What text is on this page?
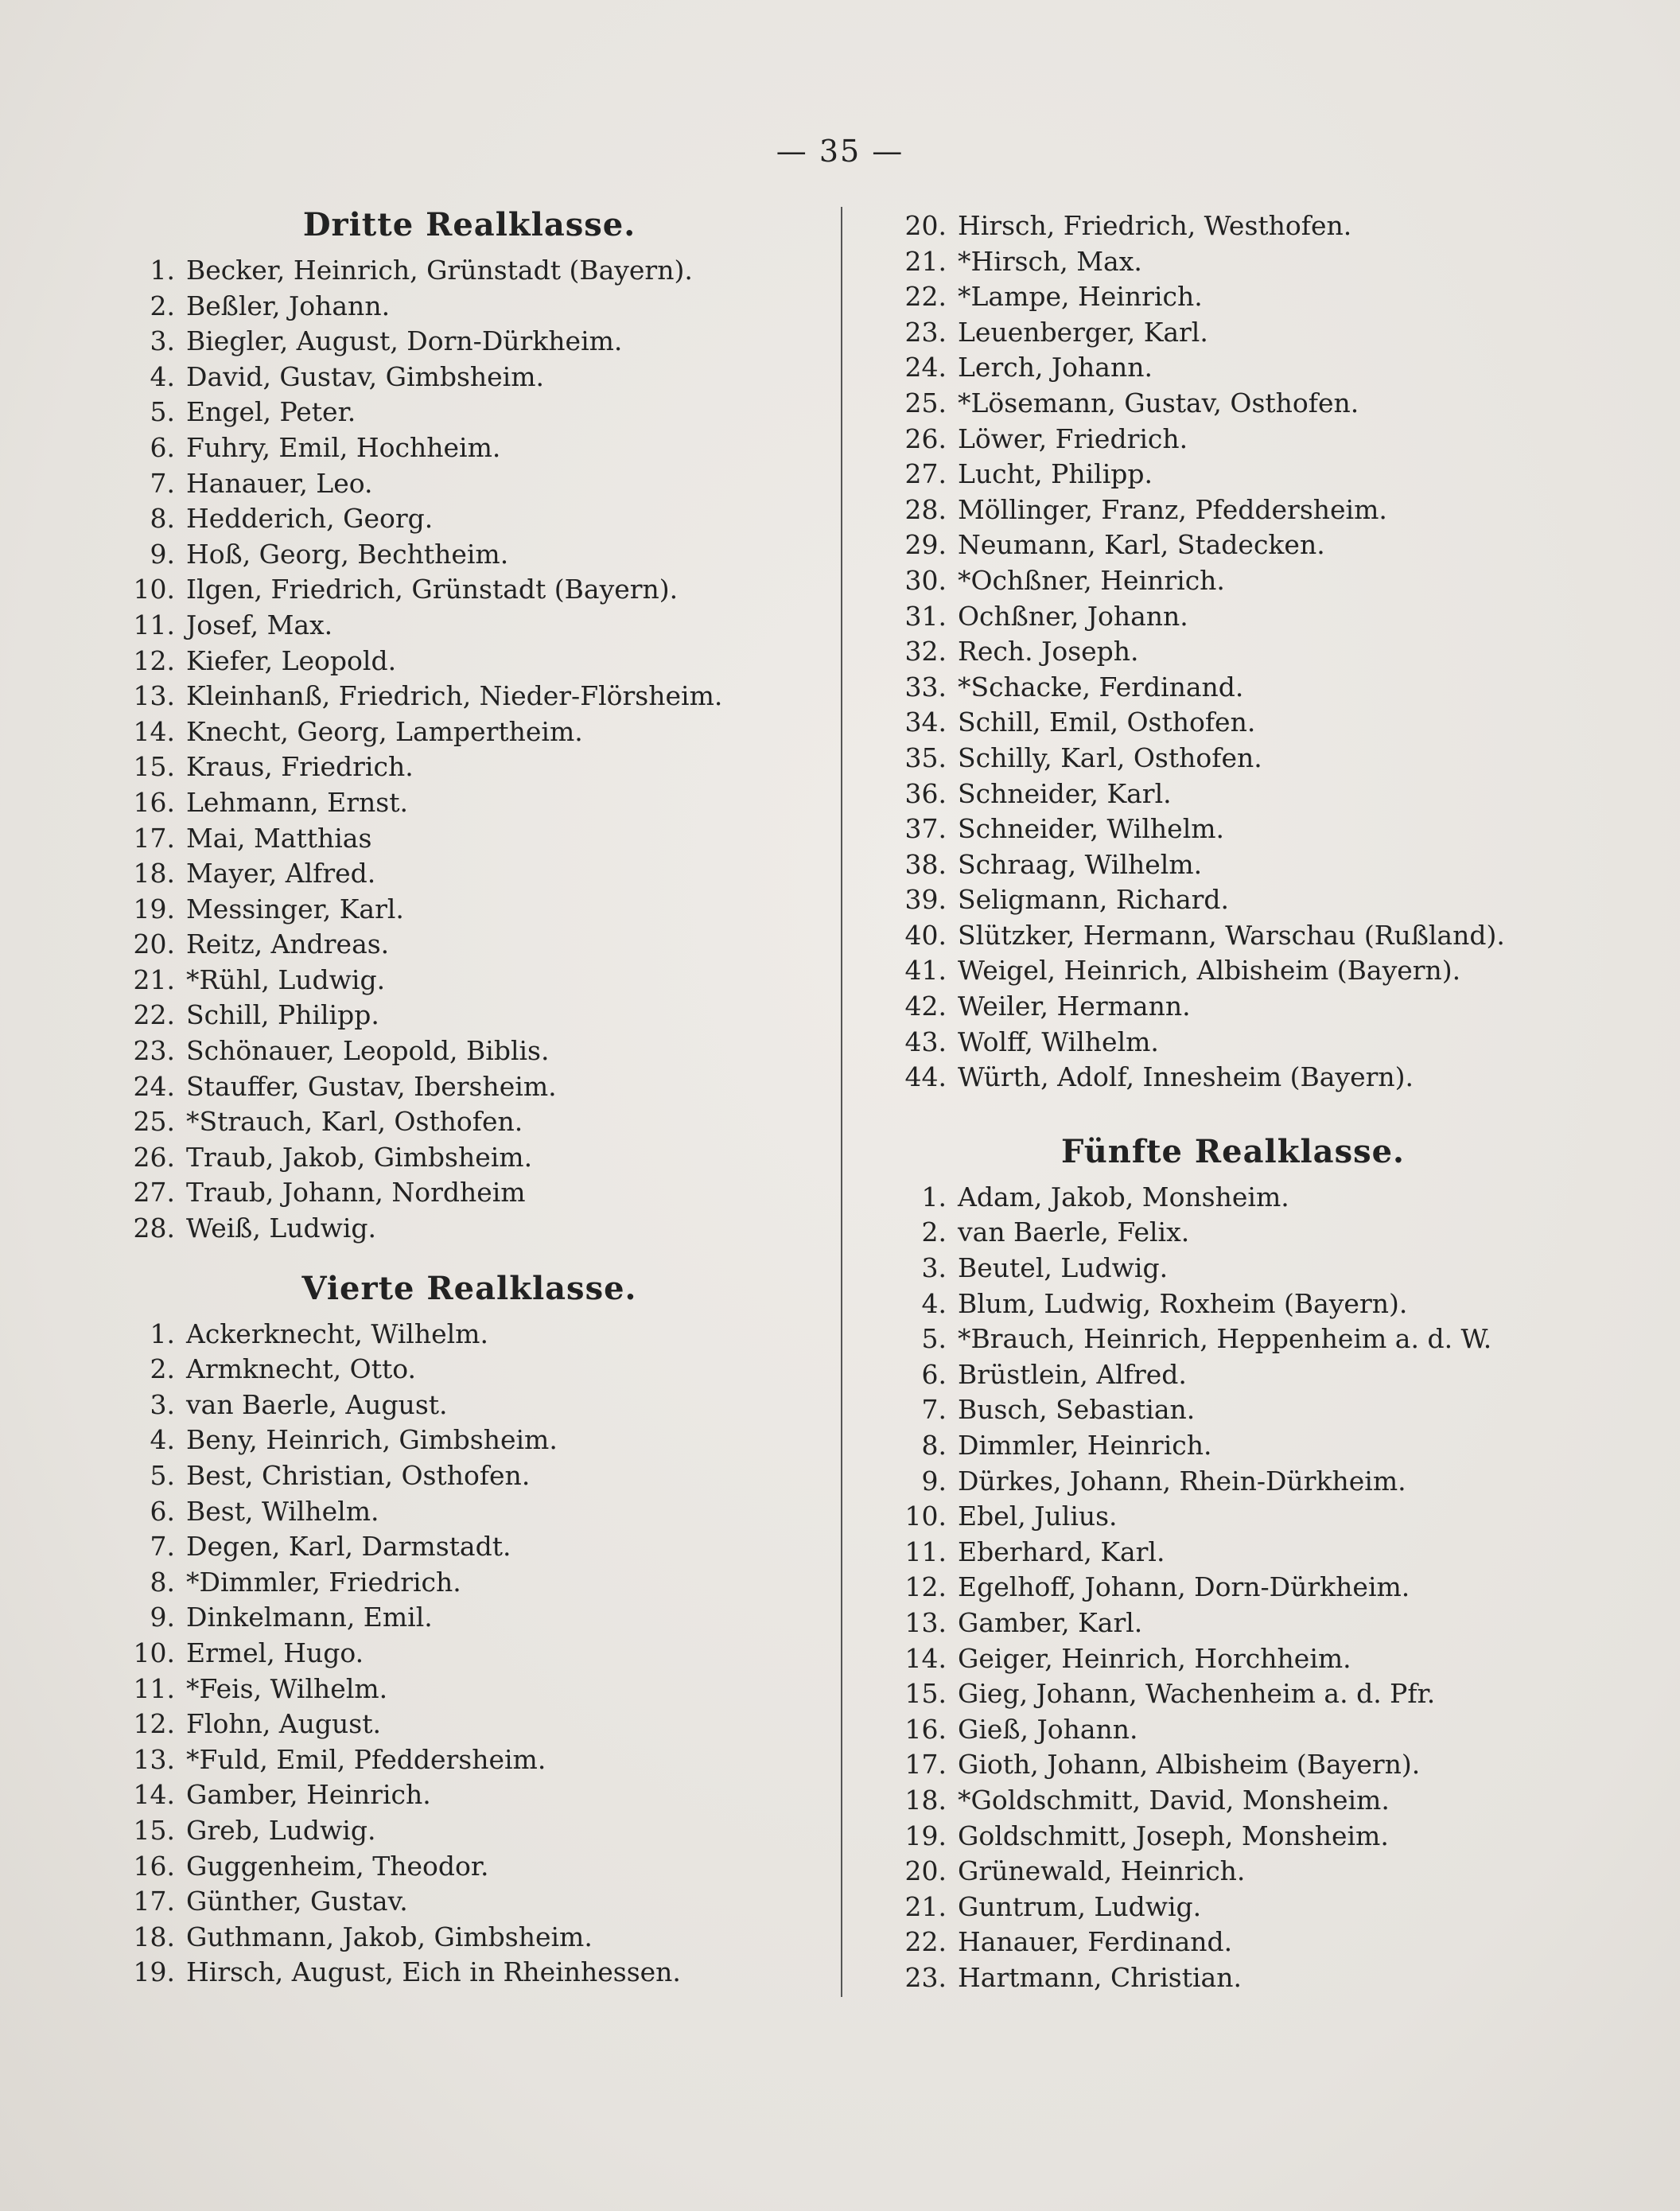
— 35 —
Dritte Realklasse.
1. Becker, Heinrich, Grünstadt (Bayern).
2. Beßler, Johann.
3. Biegler, August, Dorn-Dürkheim.
4. David, Gustav, Gimbsheim.
5. Engel, Peter.
6. Fuhry, Emil, Hochheim.
7. Hanauer, Leo.
8. Hedderich, Georg.
9. Hoß, Georg, Bechtheim.
10. Ilgen, Friedrich, Grünstadt (Bayern).
11. Josef, Max.
12. Kiefer, Leopold.
13. Kleinhanß, Friedrich, Nieder-Flörsheim.
14. Knecht, Georg, Lampertheim.
15. Kraus, Friedrich.
16. Lehmann, Ernst.
17. Mai, Matthias
18. Mayer, Alfred.
19. Messinger, Karl.
20. Reitz, Andreas.
21. *Rühl, Ludwig.
22. Schill, Philipp.
23. Schönauer, Leopold, Biblis.
24. Stauffer, Gustav, Ibersheim.
25. *Strauch, Karl, Osthofen.
26. Traub, Jakob, Gimbsheim.
27. Traub, Johann, Nordheim
28. Weiß, Ludwig.
Vierte Realklasse.
1. Ackerknecht, Wilhelm.
2. Armknecht, Otto.
3. van Baerle, August.
4. Beny, Heinrich, Gimbsheim.
5. Best, Christian, Osthofen.
6. Best, Wilhelm.
7. Degen, Karl, Darmstadt.
8. *Dimmler, Friedrich.
9. Dinkelmann, Emil.
10. Ermel, Hugo.
11. *Feis, Wilhelm.
12. Flohn, August.
13. *Fuld, Emil, Pfeddersheim.
14. Gamber, Heinrich.
15. Greb, Ludwig.
16. Guggenheim, Theodor.
17. Günther, Gustav.
18. Guthmann, Jakob, Gimbsheim.
19. Hirsch, August, Eich in Rheinhessen.
20. Hirsch, Friedrich, Westhofen.
21. *Hirsch, Max.
22. *Lampe, Heinrich.
23. Leuenberger, Karl.
24. Lerch, Johann.
25. *Lösemann, Gustav, Osthofen.
26. Löwer, Friedrich.
27. Lucht, Philipp.
28. Möllinger, Franz, Pfeddersheim.
29. Neumann, Karl, Stadecken.
30. *Ochßner, Heinrich.
31. Ochßner, Johann.
32. Rech. Joseph.
33. *Schacke, Ferdinand.
34. Schill, Emil, Osthofen.
35. Schilly, Karl, Osthofen.
36. Schneider, Karl.
37. Schneider, Wilhelm.
38. Schraag, Wilhelm.
39. Seligmann, Richard.
40. Slützker, Hermann, Warschau (Rußland).
41. Weigel, Heinrich, Albisheim (Bayern).
42. Weiler, Hermann.
43. Wolff, Wilhelm.
44. Würth, Adolf, Innesheim (Bayern).
Fünfte Realklasse.
1. Adam, Jakob, Monsheim.
2. van Baerle, Felix.
3. Beutel, Ludwig.
4. Blum, Ludwig, Roxheim (Bayern).
5. *Brauch, Heinrich, Heppenheim a. d. W.
6. Brüstlein, Alfred.
7. Busch, Sebastian.
8. Dimmler, Heinrich.
9. Dürkes, Johann, Rhein-Dürkheim.
10. Ebel, Julius.
11. Eberhard, Karl.
12. Egelhoff, Johann, Dorn-Dürkheim.
13. Gamber, Karl.
14. Geiger, Heinrich, Horchheim.
15. Gieg, Johann, Wachenheim a. d. Pfr.
16. Gieß, Johann.
17. Gioth, Johann, Albisheim (Bayern).
18. *Goldschmitt, David, Monsheim.
19. Goldschmitt, Joseph, Monsheim.
20. Grünewald, Heinrich.
21. Guntrum, Ludwig.
22. Hanauer, Ferdinand.
23. Hartmann, Christian.
